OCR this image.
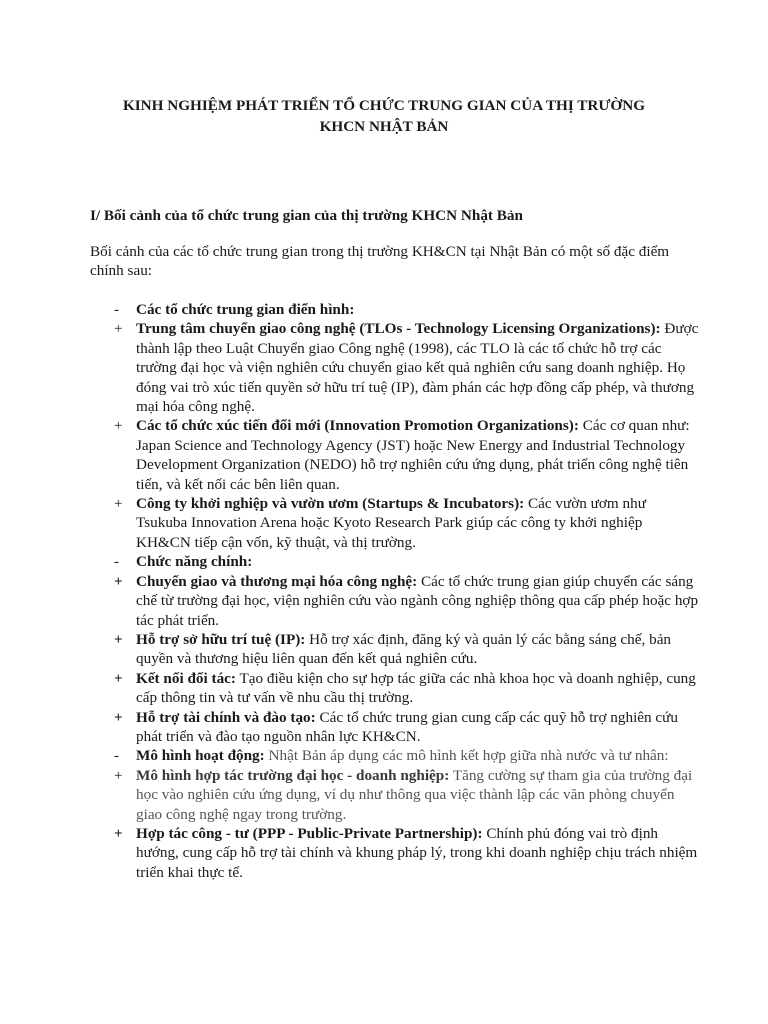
KINH NGHIỆM PHÁT TRIỂN TỔ CHỨC TRUNG GIAN CỦA THỊ TRƯỜNG
KHCN NHẬT BẢN
I/ Bối cảnh của tổ chức trung gian của thị trường KHCN Nhật Bản
Bối cảnh của các tổ chức trung gian trong thị trường KH&CN tại Nhật Bản có một số đặc điểm chính sau:
-	Các tổ chức trung gian điển hình:
+ Trung tâm chuyển giao công nghệ (TLOs - Technology Licensing Organizations): Được thành lập theo Luật Chuyển giao Công nghệ (1998), các TLO là các tổ chức hỗ trợ các trường đại học và viện nghiên cứu chuyển giao kết quả nghiên cứu sang doanh nghiệp. Họ đóng vai trò xúc tiến quyền sở hữu trí tuệ (IP), đàm phán các hợp đồng cấp phép, và thương mại hóa công nghệ.
+ Các tổ chức xúc tiến đổi mới (Innovation Promotion Organizations): Các cơ quan như: Japan Science and Technology Agency (JST) hoặc New Energy and Industrial Technology Development Organization (NEDO) hỗ trợ nghiên cứu ứng dụng, phát triển công nghệ tiên tiến, và kết nối các bên liên quan.
+ Công ty khởi nghiệp và vườn ươm (Startups & Incubators): Các vườn ươm như Tsukuba Innovation Arena hoặc Kyoto Research Park giúp các công ty khởi nghiệp KH&CN tiếp cận vốn, kỹ thuật, và thị trường.
-	Chức năng chính:
+ Chuyển giao và thương mại hóa công nghệ: Các tổ chức trung gian giúp chuyển các sáng chế từ trường đại học, viện nghiên cứu vào ngành công nghiệp thông qua cấp phép hoặc hợp tác phát triển.
+ Hỗ trợ sở hữu trí tuệ (IP): Hỗ trợ xác định, đăng ký và quản lý các bằng sáng chế, bản quyền và thương hiệu liên quan đến kết quả nghiên cứu.
+ Kết nối đối tác: Tạo điều kiện cho sự hợp tác giữa các nhà khoa học và doanh nghiệp, cung cấp thông tin và tư vấn về nhu cầu thị trường.
+ Hỗ trợ tài chính và đào tạo: Các tổ chức trung gian cung cấp các quỹ hỗ trợ nghiên cứu phát triển và đào tạo nguồn nhân lực KH&CN.
-	Mô hình hoạt động: Nhật Bản áp dụng các mô hình kết hợp giữa nhà nước và tư nhân:
+ Mô hình hợp tác trường đại học - doanh nghiệp: Tăng cường sự tham gia của trường đại học vào nghiên cứu ứng dụng, ví dụ như thông qua việc thành lập các văn phòng chuyển giao công nghệ ngay trong trường.
+ Hợp tác công - tư (PPP - Public-Private Partnership): Chính phủ đóng vai trò định hướng, cung cấp hỗ trợ tài chính và khung pháp lý, trong khi doanh nghiệp chịu trách nhiệm triển khai thực tế.
